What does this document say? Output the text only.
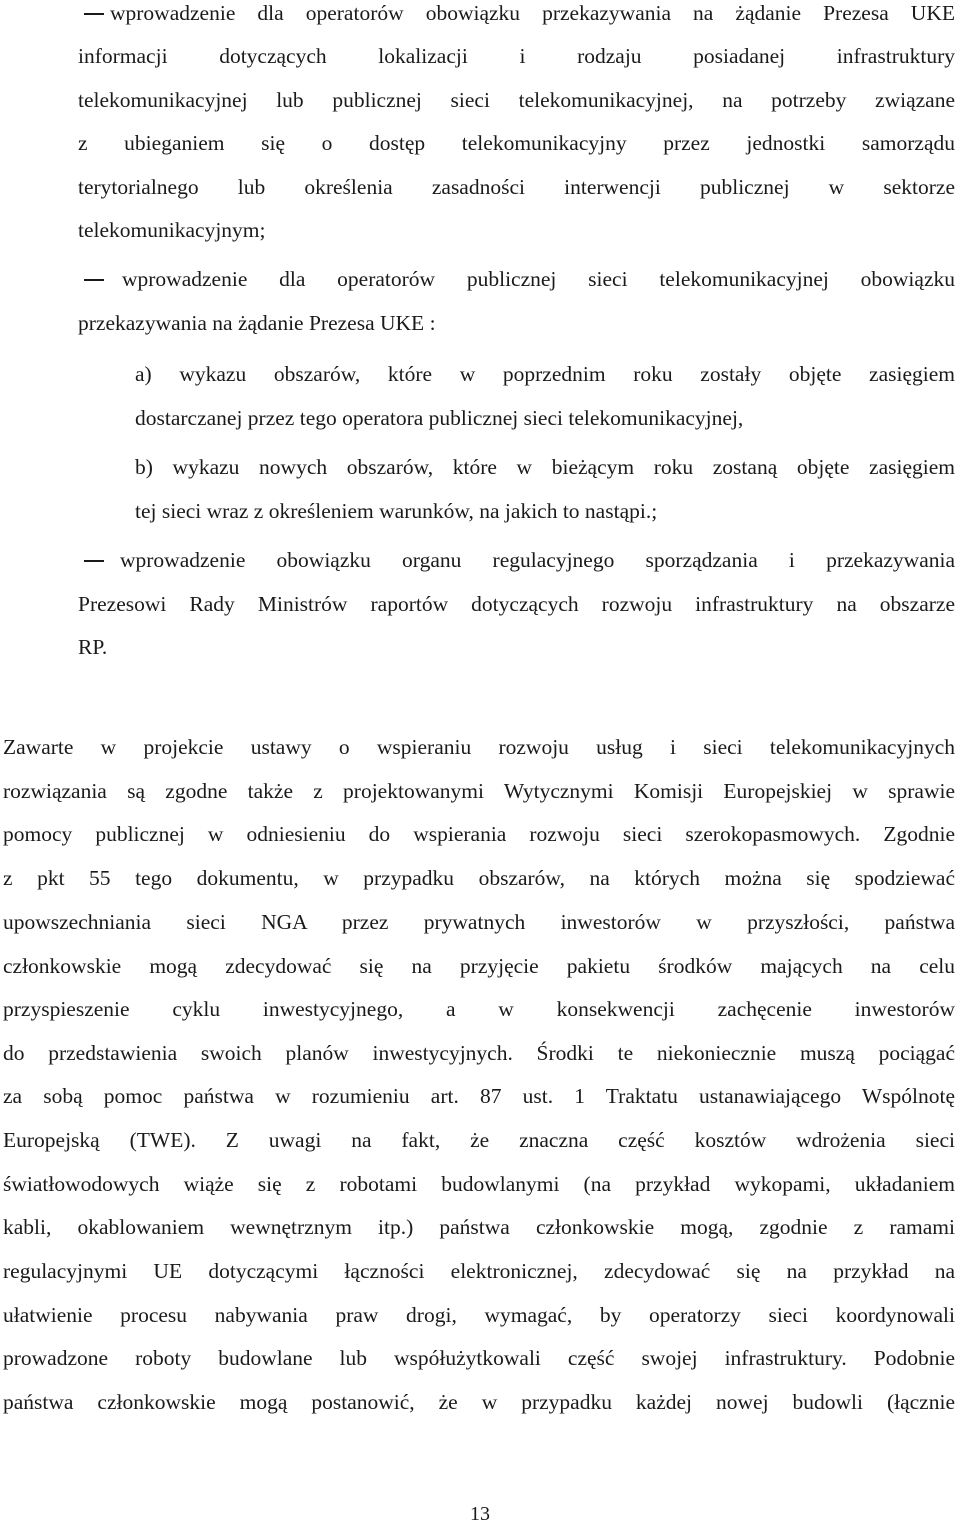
wprowadzenie dla operatorów obowiązku przekazywania na żądanie Prezesa UKE
informacji dotyczących lokalizacji i rodzaju posiadanej infrastruktury
telekomunikacyjnej lub publicznej sieci telekomunikacyjnej, na potrzeby związane
z ubieganiem się o dostęp telekomunikacyjny przez jednostki samorządu
terytorialnego lub określenia zasadności interwencji publicznej w sektorze
telekomunikacyjnym;
wprowadzenie dla operatorów publicznej sieci telekomunikacyjnej obowiązku
przekazywania na żądanie Prezesa UKE :
a) wykazu obszarów, które w poprzednim roku zostały objęte zasięgiem
dostarczanej przez tego operatora publicznej sieci telekomunikacyjnej,
b) wykazu nowych obszarów, które w bieżącym roku zostaną objęte zasięgiem
tej sieci wraz z określeniem warunków, na jakich to nastąpi.;
wprowadzenie obowiązku organu regulacyjnego sporządzania i przekazywania
Prezesowi Rady Ministrów raportów dotyczących rozwoju infrastruktury na obszarze
RP.
Zawarte w projekcie ustawy o wspieraniu rozwoju usług i sieci telekomunikacyjnych
rozwiązania są zgodne także z projektowanymi Wytycznymi Komisji Europejskiej w sprawie
pomocy publicznej w odniesieniu do wspierania rozwoju sieci szerokopasmowych. Zgodnie
z pkt 55 tego dokumentu, w przypadku obszarów, na których można się spodziewać
upowszechniania sieci NGA przez prywatnych inwestorów w przyszłości, państwa
członkowskie mogą zdecydować się na przyjęcie pakietu środków mających na celu
przyspieszenie cyklu inwestycyjnego, a w konsekwencji zachęcenie inwestorów
do przedstawienia swoich planów inwestycyjnych. Środki te niekoniecznie muszą pociągać
za sobą pomoc państwa w rozumieniu art. 87 ust. 1 Traktatu ustanawiającego Wspólnotę
Europejską (TWE). Z uwagi na fakt, że znaczna część kosztów wdrożenia sieci
światłowodowych wiąże się z robotami budowlanymi (na przykład wykopami, układaniem
kabli, okablowaniem wewnętrznym itp.) państwa członkowskie mogą, zgodnie z ramami
regulacyjnymi UE dotyczącymi łączności elektronicznej, zdecydować się na przykład na
ułatwienie procesu nabywania praw drogi, wymagać, by operatorzy sieci koordynowali
prowadzone roboty budowlane lub współużytkowali część swojej infrastruktury. Podobnie
państwa członkowskie mogą postanowić, że w przypadku każdej nowej budowli (łącznie
13
